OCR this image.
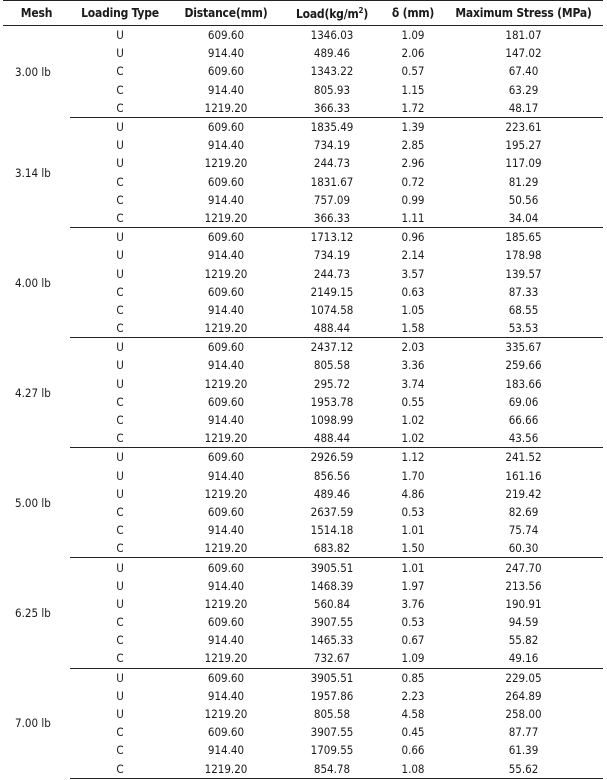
Mesh	Loading Type	Distance(mm)	$Load(kg/m^2)$	δ (mm)	Maximum Stress (MPa)
3.00 lb	U	609.60	1346.03	1.09	181.07
	U	914.40	489.46	2.06	147.02
	C	609.60	1343.22	0.57	67.40
	C	914.40	805.93	1.15	63.29
	C	1219.20	366.33	1.72	48.17
3.14 lb	U	609.60	1835.49	1.39	223.61
	U	914.40	734.19	2.85	195.27
	U	1219.20	244.73	2.96	117.09
	C	609.60	1831.67	0.72	81.29
	C	914.40	757.09	0.99	50.56
	C	1219.20	366.33	1.11	34.04
4.00 lb	U	609.60	1713.12	0.96	185.65
	U	914.40	734.19	2.14	178.98
	U	1219.20	244.73	3.57	139.57
	C	609.60	2149.15	0.63	87.33
	C	914.40	1074.58	1.05	68.55
	C	1219.20	488.44	1.58	53.53
4.27 lb	U	609.60	2437.12	2.03	335.67
	U	914.40	805.58	3.36	259.66
	U	1219.20	295.72	3.74	183.66
	C	609.60	1953.78	0.55	69.06
	C	914.40	1098.99	1.02	66.66
	C	1219.20	488.44	1.02	43.56
5.00 lb	U	609.60	2926.59	1.12	241.52
	U	914.40	856.56	1.70	161.16
	U	1219.20	489.46	4.86	219.42
	C	609.60	2637.59	0.53	82.69
	C	914.40	1514.18	1.01	75.74
	C	1219.20	683.82	1.50	60.30
6.25 lb	U	609.60	3905.51	1.01	247.70
	U	914.40	1468.39	1.97	213.56
	U	1219.20	560.84	3.76	190.91
	C	609.60	3907.55	0.53	94.59
	C	914.40	1465.33	0.67	55.82
	C	1219.20	732.67	1.09	49.16
7.00 lb	U	609.60	3905.51	0.85	229.05
	U	914.40	1957.86	2.23	264.89
	U	1219.20	805.58	4.58	258.00
	C	609.60	3907.55	0.45	87.77
	C	914.40	1709.55	0.66	61.39
	C	1219.20	854.78	1.08	55.62
